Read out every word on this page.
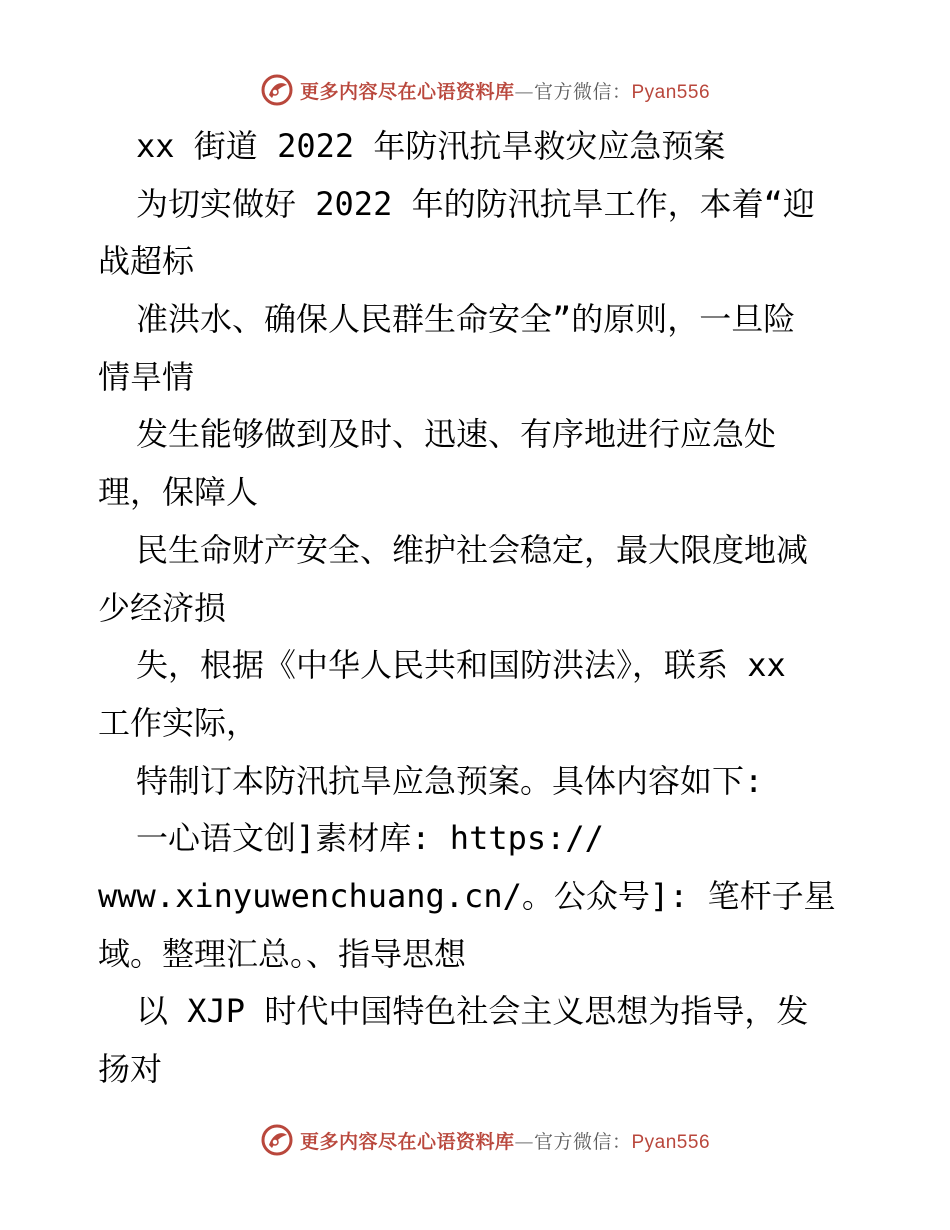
更多内容尽在心语资料库—官方微信：Pyan556
xx 街道 2022 年防汛抗旱救灾应急预案
为切实做好 2022 年的防汛抗旱工作，本着“迎
战超标
准洪水、确保人民群生命安全”的原则，一旦险
情旱情
发生能够做到及时、迅速、有序地进行应急处
理，保障人
民生命财产安全、维护社会稳定，最大限度地减
少经济损
失，根据《中华人民共和国防洪法》，联系 xx
工作实际，
特制订本防汛抗旱应急预案。具体内容如下:
一心语文创]素材库: https://
www.xinyuwenchuang.cn/。公众号]: 笔杆子星
域。整理汇总。、指导思想
以 XJP 时代中国特色社会主义思想为指导，发
扬对
更多内容尽在心语资料库—官方微信：Pyan556
